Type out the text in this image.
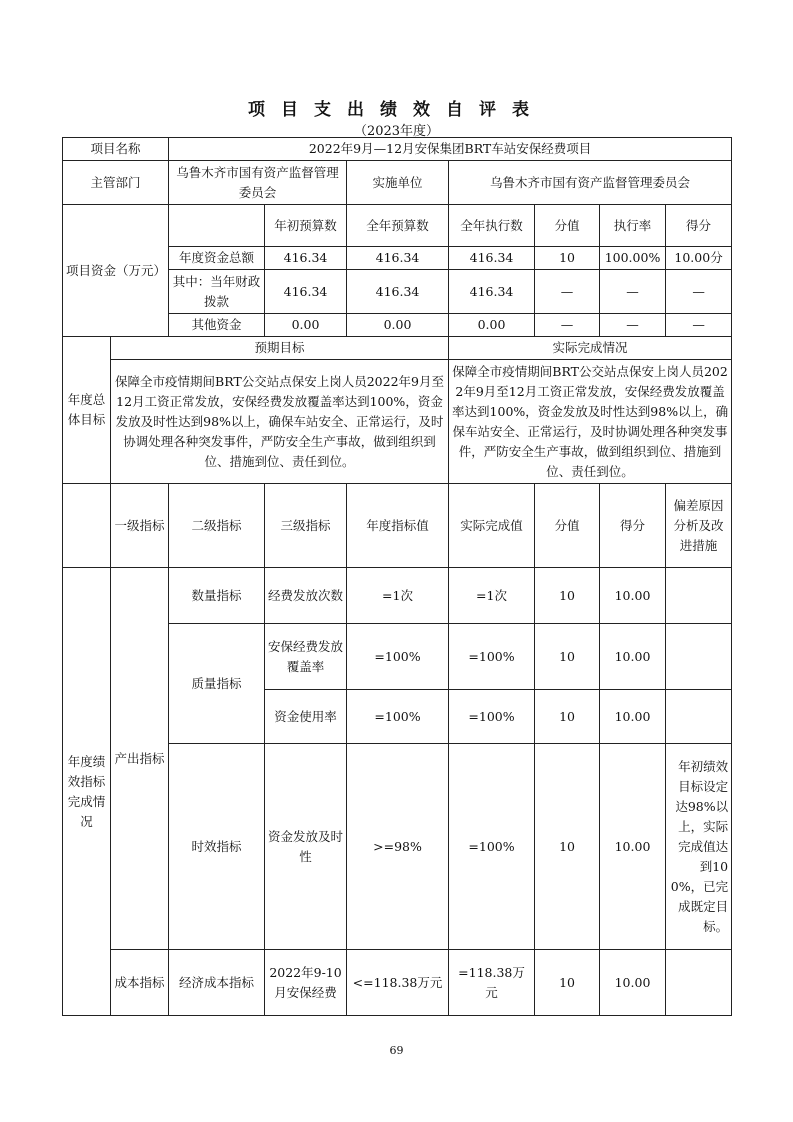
项目支出绩效自评表
（2023年度）
项目名称		2022年9月—12月安保集团BRT车站安保经费项目						
主管部门		乌鲁木齐市国有资产监督管理委员会		实施单位	乌鲁木齐市国有资产监督管理委员会			
项目资金（万元）			年初预算数	全年预算数	全年执行数	分值	执行率	得分
		年度资金总额	416.34	416.34	416.34	10	100.00%	10.00分
		其中：当年财政拨款	416.34	416.34	416.34	—	—	—
		其他资金	0.00	0.00	0.00	—	—	—
年度总体目标	预期目标				实际完成情况			
	保障全市疫情期间BRT公交站点保安上岗人员2022年9月至12月工资正常发放，安保经费发放覆盖率达到100%，资金发放及时性达到98%以上，确保车站安全、正常运行，及时协调处理各种突发事件，严防安全生产事故，做到组织到位、措施到位、责任到位。				保障全市疫情期间BRT公交站点保安上岗人员2022年9月至12月工资正常发放，安保经费发放覆盖率达到100%，资金发放及时性达到98%以上，确保车站安全、正常运行，及时协调处理各种突发事件，严防安全生产事故，做到组织到位、措施到位、责任到位。			
	一级指标	二级指标	三级指标	年度指标值	实际完成值	分值	得分	偏差原因分析及改进措施
年度绩效指标完成情况	产出指标	数量指标	经费发放次数	=1次	=1次	10	10.00	
		质量指标	安保经费发放覆盖率	=100%	=100%	10	10.00	
			资金使用率	=100%	=100%	10	10.00	
		时效指标	资金发放及时性	>=98%	=100%	10	10.00	年初绩效目标设定达98%以上，实际完成值达到100%，已完成既定目标。
	成本指标	经济成本指标	2022年9-10月安保经费	<=118.38万元	=118.38万元	10	10.00	
69
